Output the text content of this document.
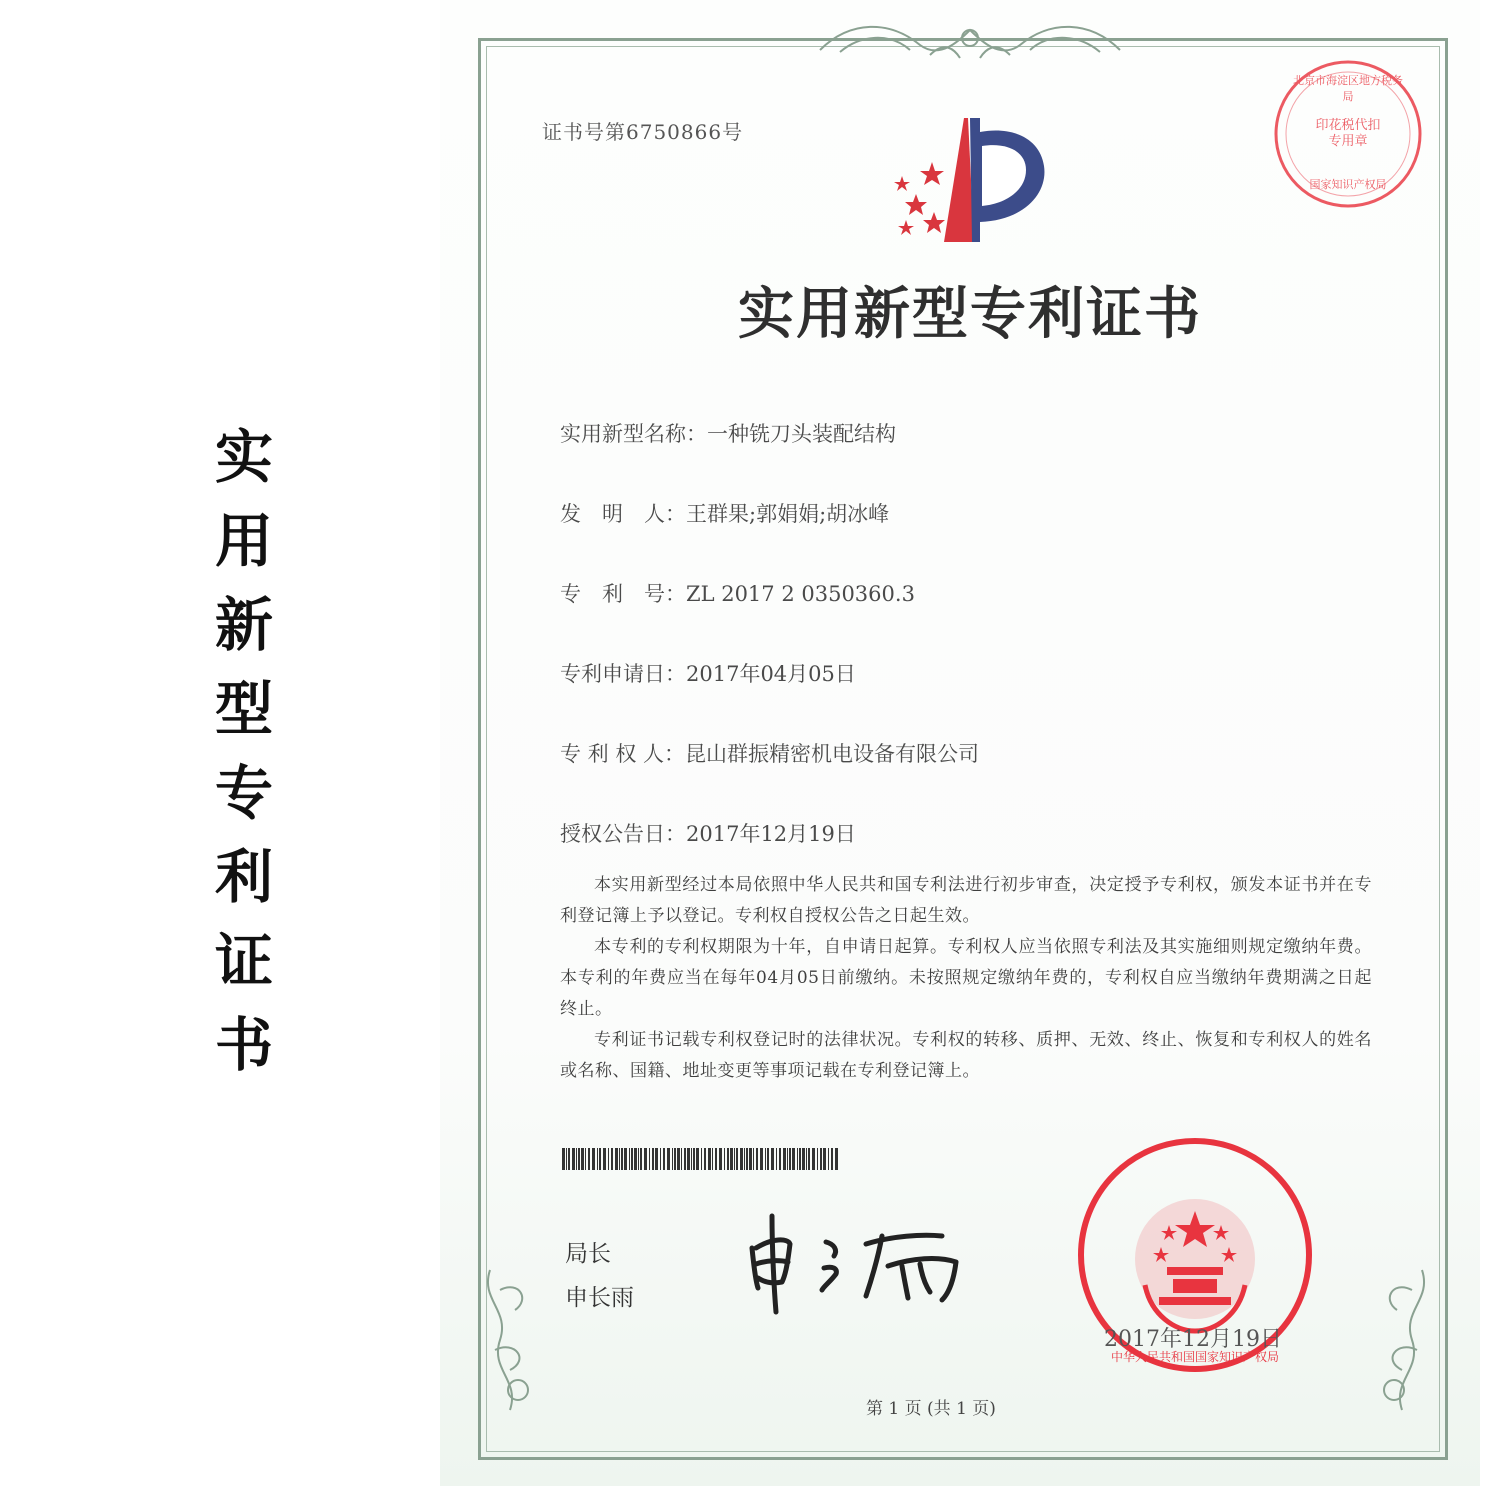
实
用
新
型
专
利
证
书
印花税代扣专用章
北京市海淀区地方税务局
国家知识产权局
证书号第6750866号
实用新型专利证书
实用新型名称：一种铣刀头装配结构
发　明　人：王群果;郭娟娟;胡冰峰
专　利　号：ZL 2017 2 0350360.3
专利申请日：2017年04月05日
专 利 权 人：昆山群振精密机电设备有限公司
授权公告日：2017年12月19日

本实用新型经过本局依照中华人民共和国专利法进行初步审查，决定授予专利权，颁发本证书并在专利登记簿上予以登记。专利权自授权公告之日起生效。

本专利的专利权期限为十年，自申请日起算。专利权人应当依照专利法及其实施细则规定缴纳年费。本专利的年费应当在每年04月05日前缴纳。未按照规定缴纳年费的，专利权自应当缴纳年费期满之日起终止。

专利证书记载专利权登记时的法律状况。专利权的转移、质押、无效、终止、恢复和专利权人的姓名或名称、国籍、地址变更等事项记载在专利登记簿上。

局长
申长雨
中华人民共和国国家知识产权局
2017年12月19日
第 1 页 (共 1 页)
